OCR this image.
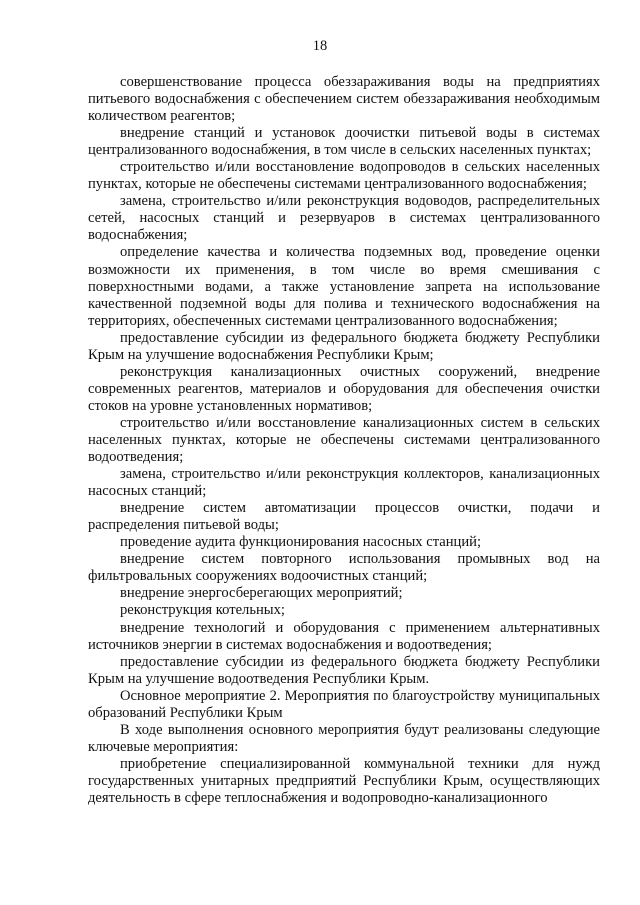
18

совершенствование процесса обеззараживания воды на предприятиях питьевого водоснабжения с обеспечением систем обеззараживания необходимым количеством реагентов;

внедрение станций и установок доочистки питьевой воды в системах централизованного водоснабжения, в том числе в сельских населенных пунктах;

строительство и/или восстановление водопроводов в сельских населенных пунктах, которые не обеспечены системами централизованного водоснабжения;

замена, строительство и/или реконструкция водоводов, распределительных сетей, насосных станций и резервуаров в системах централизованного водоснабжения;

определение качества и количества подземных вод, проведение оценки возможности их применения, в том числе во время смешивания с поверхностными водами, а также установление запрета на использование качественной подземной воды для полива и технического водоснабжения на территориях, обеспеченных системами централизованного водоснабжения;

предоставление субсидии из федерального бюджета бюджету Республики Крым на улучшение водоснабжения Республики Крым;

реконструкция канализационных очистных сооружений, внедрение современных реагентов, материалов и оборудования для обеспечения очистки стоков на уровне установленных нормативов;

строительство и/или восстановление канализационных систем в сельских населенных пунктах, которые не обеспечены системами централизованного водоотведения;

замена, строительство и/или реконструкция коллекторов, канализационных насосных станций;

внедрение систем автоматизации процессов очистки, подачи и распределения питьевой воды;

проведение аудита функционирования насосных станций;

внедрение систем повторного использования промывных вод на фильтровальных сооружениях водоочистных станций;

внедрение энергосберегающих мероприятий;

реконструкция котельных;

внедрение технологий и оборудования с применением альтернативных источников энергии в системах водоснабжения и водоотведения;

предоставление субсидии из федерального бюджета бюджету Республики Крым на улучшение водоотведения Республики Крым.

Основное мероприятие 2. Мероприятия по благоустройству муниципальных образований Республики Крым

В ходе выполнения основного мероприятия будут реализованы следующие ключевые мероприятия:

приобретение специализированной коммунальной техники для нужд государственных унитарных предприятий Республики Крым, осуществляющих деятельность в сфере теплоснабжения и водопроводно-канализационного
